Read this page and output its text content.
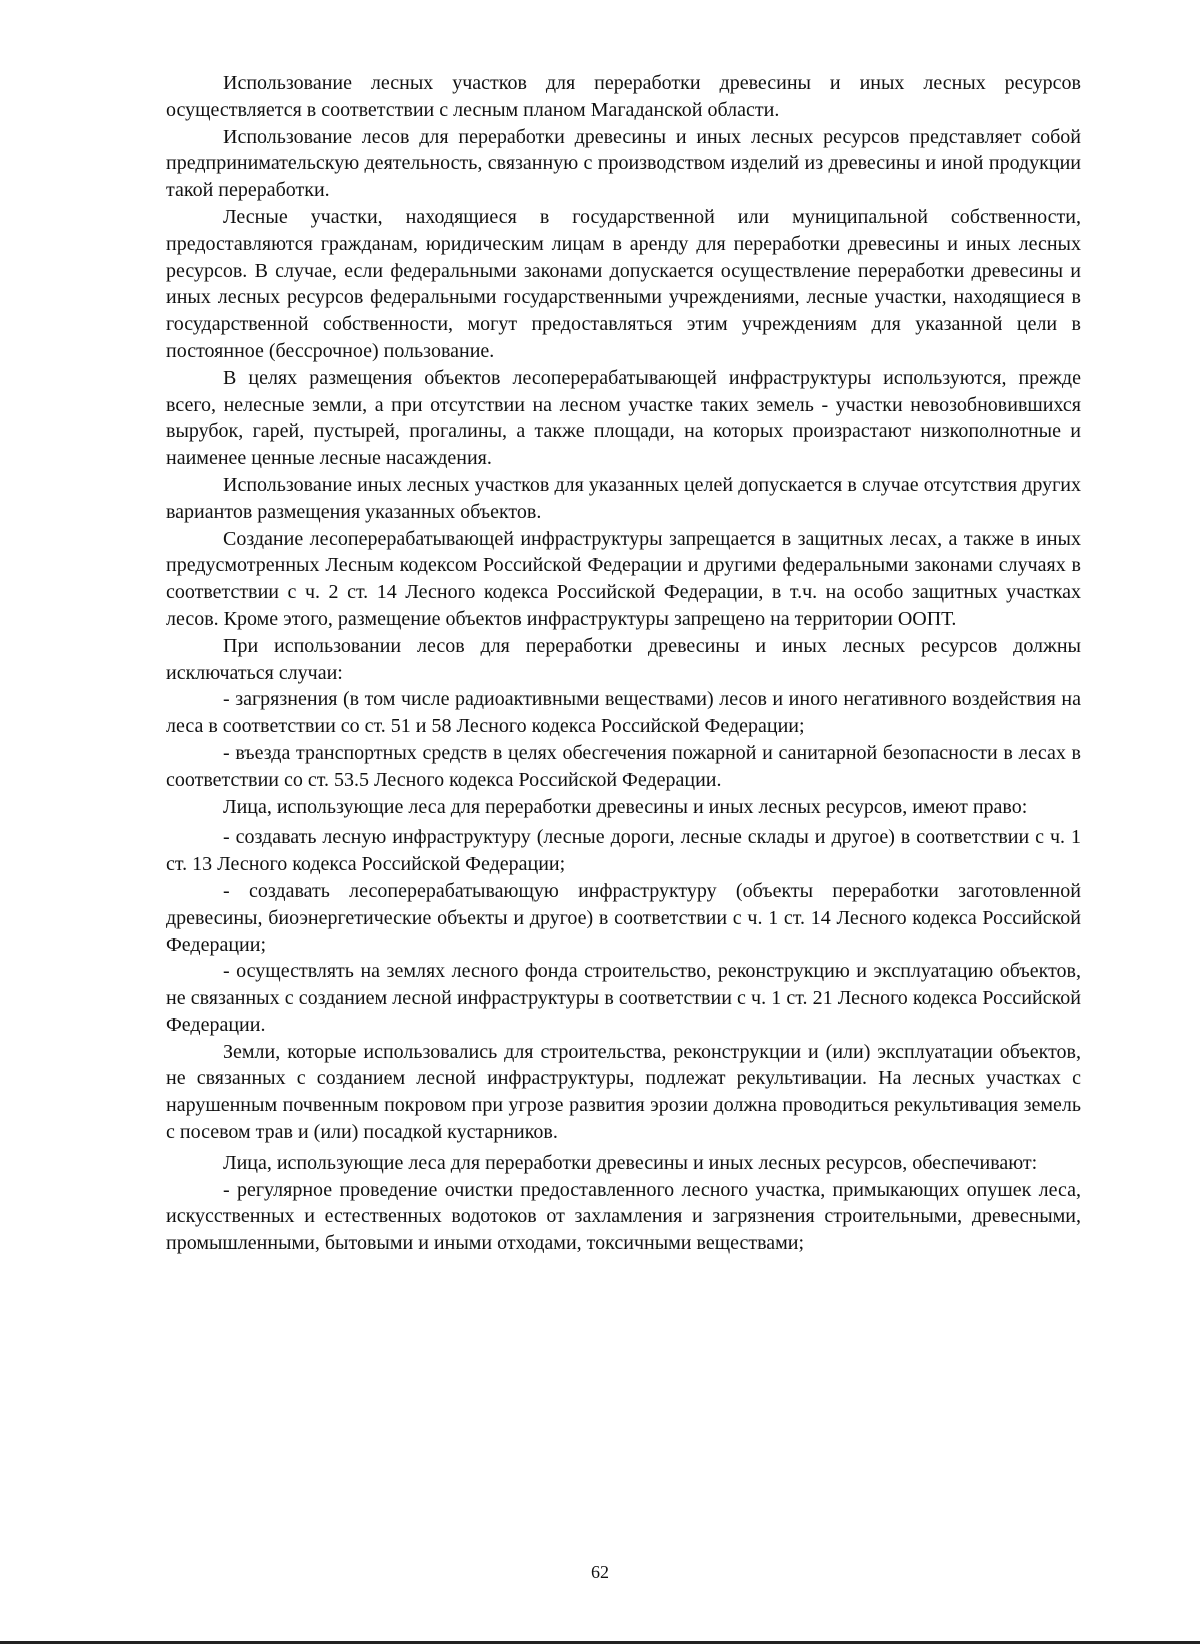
Использование лесных участков для переработки древесины и иных лесных ресурсов осуществляется в соответствии с лесным планом Магаданской области.

Использование лесов для переработки древесины и иных лесных ресурсов представляет собой предпринимательскую деятельность, связанную с производством изделий из древесины и иной продукции такой переработки.

Лесные участки, находящиеся в государственной или муниципальной собственности, предоставляются гражданам, юридическим лицам в аренду для переработки древесины и иных лесных ресурсов. В случае, если федеральными законами допускается осуществление переработки древесины и иных лесных ресурсов федеральными государственными учреждениями, лесные участки, находящиеся в государственной собственности, могут предоставляться этим учреждениям для указанной цели в постоянное (бессрочное) пользование.

В целях размещения объектов лесоперерабатывающей инфраструктуры используются, прежде всего, нелесные земли, а при отсутствии на лесном участке таких земель - участки невозобновившихся вырубок, гарей, пустырей, прогалины, а также площади, на которых произрастают низкополнотные и наименее ценные лесные насаждения.

Использование иных лесных участков для указанных целей допускается в случае отсутствия других вариантов размещения указанных объектов.

Создание лесоперерабатывающей инфраструктуры запрещается в защитных лесах, а также в иных предусмотренных Лесным кодексом Российской Федерации и другими федеральными законами случаях в соответствии с ч. 2 ст. 14 Лесного кодекса Российской Федерации, в т.ч. на особо защитных участках лесов. Кроме этого, размещение объектов инфраструктуры запрещено на территории ООПТ.

При использовании лесов для переработки древесины и иных лесных ресурсов должны исключаться случаи:

- загрязнения (в том числе радиоактивными веществами) лесов и иного негативного воздействия на леса в соответствии со ст. 51 и 58 Лесного кодекса Российской Федерации;

- въезда транспортных средств в целях обесгечения пожарной и санитарной безопасности в лесах в соответствии со ст. 53.5 Лесного кодекса Российской Федерации.

Лица, использующие леса для переработки древесины и иных лесных ресурсов, имеют право:

- создавать лесную инфраструктуру (лесные дороги, лесные склады и другое) в соответствии с ч. 1 ст. 13 Лесного кодекса Российской Федерации;

- создавать лесоперерабатывающую инфраструктуру (объекты переработки заготовленной древесины, биоэнергетические объекты и другое) в соответствии с ч. 1 ст. 14 Лесного кодекса Российской Федерации;

- осуществлять на землях лесного фонда строительство, реконструкцию и эксплуатацию объектов, не связанных с созданием лесной инфраструктуры в соответствии с ч. 1 ст. 21 Лесного кодекса Российской Федерации.

Земли, которые использовались для строительства, реконструкции и (или) эксплуатации объектов, не связанных с созданием лесной инфраструктуры, подлежат рекультивации. На лесных участках с нарушенным почвенным покровом при угрозе развития эрозии должна проводиться рекультивация земель с посевом трав и (или) посадкой кустарников.

Лица, использующие леса для переработки древесины и иных лесных ресурсов, обеспечивают:

- регулярное проведение очистки предоставленного лесного участка, примыкающих опушек леса, искусственных и естественных водотоков от захламления и загрязнения строительными, древесными, промышленными, бытовыми и иными отходами, токсичными веществами;

62
